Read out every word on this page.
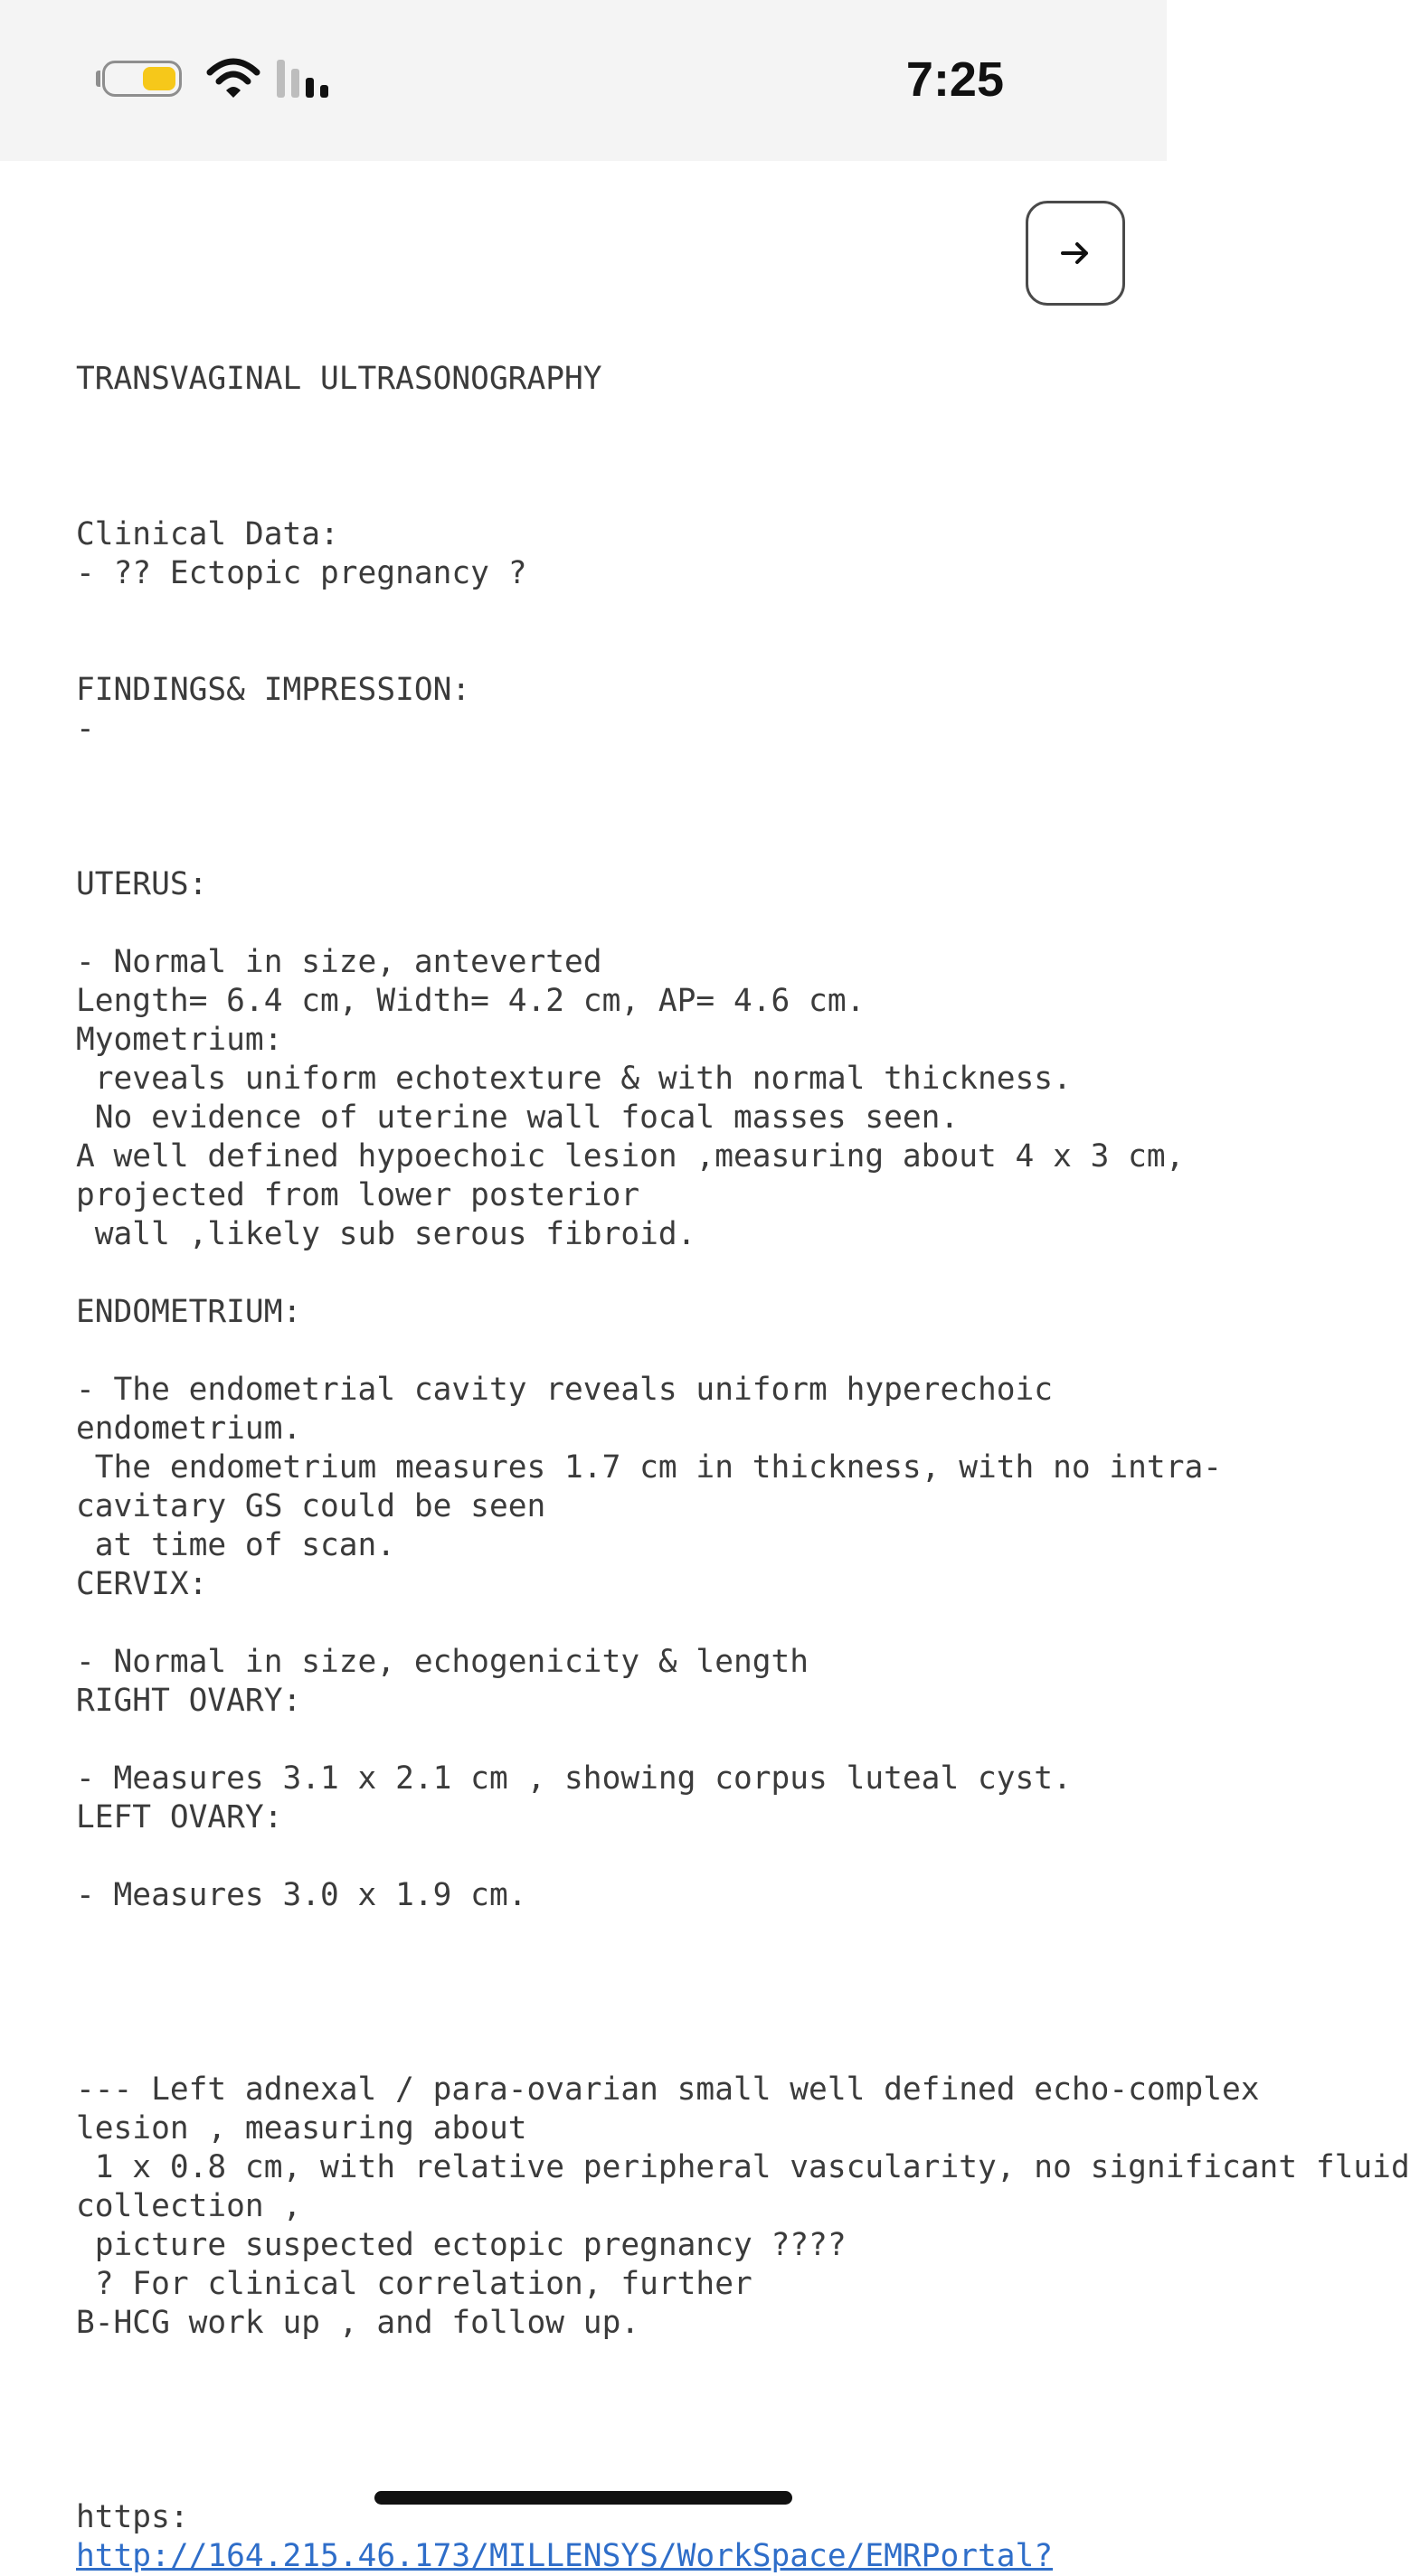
7:25
TRANSVAGINAL ULTRASONOGRAPHY

Clinical Data:
- ?? Ectopic pregnancy ?

FINDINGS& IMPRESSION:
-

UTERUS:

- Normal in size, anteverted
Length= 6.4 cm, Width= 4.2 cm, AP= 4.6 cm.
Myometrium:
reveals uniform echotexture & with normal thickness.
No evidence of uterine wall focal masses seen.
A well defined hypoechoic lesion ,measuring about 4 x 3 cm,
projected from lower posterior
wall ,likely sub serous fibroid.

ENDOMETRIUM:

- The endometrial cavity reveals uniform hyperechoic
endometrium.
The endometrium measures 1.7 cm in thickness, with no intra-
cavitary GS could be seen
at time of scan.
CERVIX:

- Normal in size, echogenicity & length
RIGHT OVARY:

- Measures 3.1 x 2.1 cm , showing corpus luteal cyst.
LEFT OVARY:

- Measures 3.0 x 1.9 cm.

--- Left adnexal / para-ovarian small well defined echo-complex
lesion , measuring about
1 x 0.8 cm, with relative peripheral vascularity, no significant fluid
collection ,
picture suspected ectopic pregnancy ????
? For clinical correlation, further
B-HCG work up , and follow up.

https:
http://164.215.46.173/MILLENSYS/WorkSpace/EMRPortal?
